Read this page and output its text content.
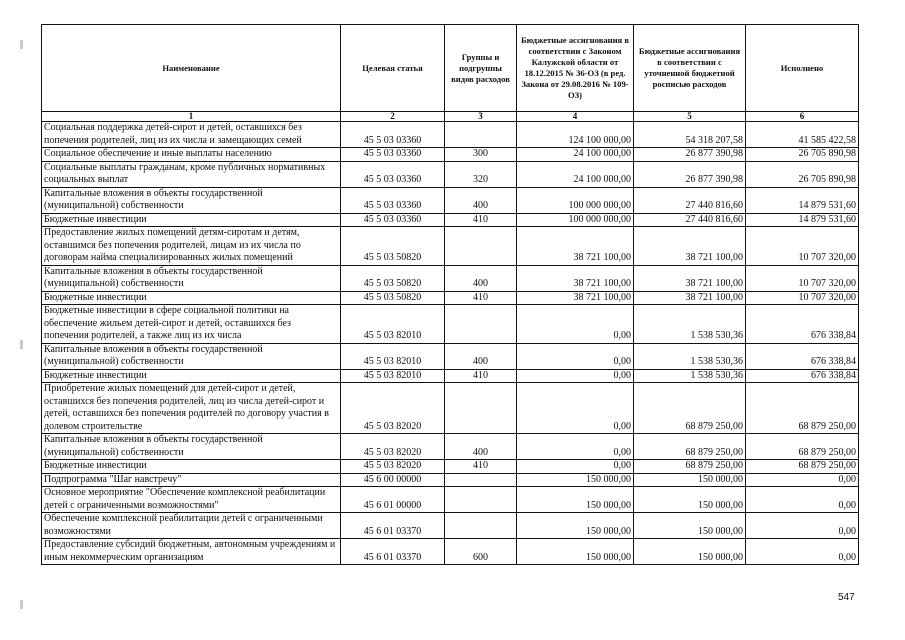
Наименование	Целевая статья	Группы и подгруппы видов расходов	Бюджетные ассигнования в соответствии с Законом Калужской области от 18.12.2015 № 36-ОЗ (в ред. Закона от 29.08.2016 № 109-ОЗ)	Бюджетные ассигнования в соответствии с уточненной бюджетной росписью расходов	Исполнено
1	2	3	4	5	6
Социальная поддержка детей-сирот и детей, оставшихся без попечения родителей, лиц из их числа и замещающих семей	45 5 03 03360		124 100 000,00	54 318 207,58	41 585 422,58
Социальное обеспечение и иные выплаты населению	45 5 03 03360	300	24 100 000,00	26 877 390,98	26 705 890,98
Социальные выплаты гражданам, кроме публичных нормативных социальных выплат	45 5 03 03360	320	24 100 000,00	26 877 390,98	26 705 890,98
Капитальные вложения в объекты государственной (муниципальной) собственности	45 5 03 03360	400	100 000 000,00	27 440 816,60	14 879 531,60
Бюджетные инвестиции	45 5 03 03360	410	100 000 000,00	27 440 816,60	14 879 531,60
Предоставление жилых помещений детям-сиротам и детям, оставшимся без попечения родителей, лицам из их числа по договорам найма специализированных жилых помещений	45 5 03 50820		38 721 100,00	38 721 100,00	10 707 320,00
Капитальные вложения в объекты государственной (муниципальной) собственности	45 5 03 50820	400	38 721 100,00	38 721 100,00	10 707 320,00
Бюджетные инвестиции	45 5 03 50820	410	38 721 100,00	38 721 100,00	10 707 320,00
Бюджетные инвестиции в сфере социальной политики на обеспечение жильем детей-сирот и детей, оставшихся без попечения родителей, а также лиц из их числа	45 5 03 82010		0,00	1 538 530,36	676 338,84
Капитальные вложения в объекты государственной (муниципальной) собственности	45 5 03 82010	400	0,00	1 538 530,36	676 338,84
Бюджетные инвестиции	45 5 03 82010	410	0,00	1 538 530,36	676 338,84
Приобретение жилых помещений для детей-сирот и детей, оставшихся без попечения родителей, лиц из числа детей-сирот и детей, оставшихся без попечения родителей по договору участия в долевом строительстве	45 5 03 82020		0,00	68 879 250,00	68 879 250,00
Капитальные вложения в объекты государственной (муниципальной) собственности	45 5 03 82020	400	0,00	68 879 250,00	68 879 250,00
Бюджетные инвестиции	45 5 03 82020	410	0,00	68 879 250,00	68 879 250,00
Подпрограмма "Шаг навстречу"	45 6 00 00000		150 000,00	150 000,00	0,00
Основное мероприятие "Обеспечение комплексной реабилитации детей с ограниченными возможностями"	45 6 01 00000		150 000,00	150 000,00	0,00
Обеспечение комплексной реабилитации детей с ограниченными возможностями	45 6 01 03370		150 000,00	150 000,00	0,00
Предоставление субсидий бюджетным, автономным учреждениям и иным некоммерческим организациям	45 6 01 03370	600	150 000,00	150 000,00	0,00
547
